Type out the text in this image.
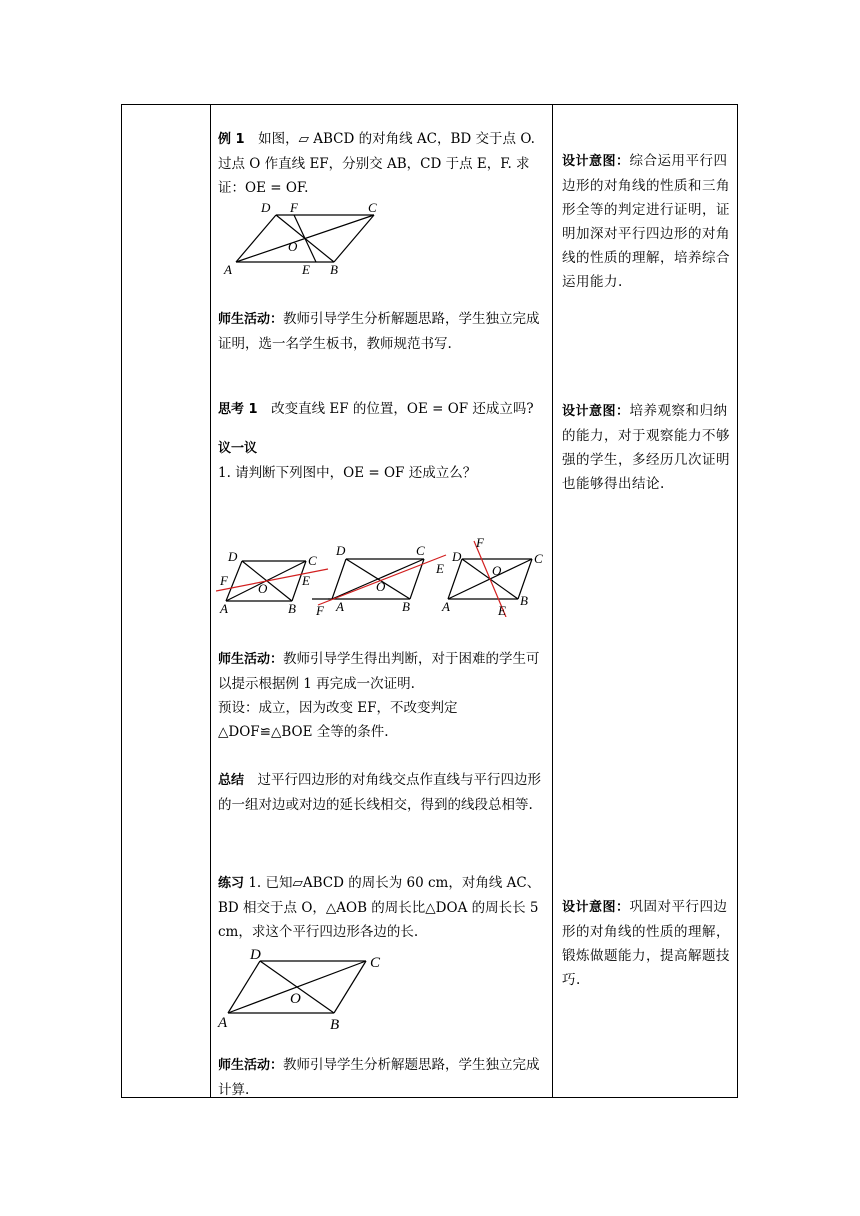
例 1　 如图，▱ ABCD 的对角线 AC，BD 交于点 O. 过点 O 作直线 EF，分别交 AB，CD 于点 E，F. 求证：OE = OF.

D F	C
O
A	E B

师生活动：教师引导学生分析解题思路，学生独立完成证明，选一名学生板书，教师规范书写.

思考 1　 改变直线 EF 的位置，OE = OF 还成立吗?

议一议

1. 请判断下列图中，OE = OF 还成立么？

D	C
F
O
E
A	B
D	C
E
O
F A	B
F
D	C
O
A	B
E

师生活动：教师引导学生得出判断，对于困难的学生可以提示根据例 1 再完成一次证明.

预设：成立，因为改变 EF，不改变判定△DOF≌△BOE 全等的条件.

总结　 过平行四边形的对角线交点作直线与平行四边形的一组对边或对边的延长线相交，得到的线段总相等.

练习 1. 已知▱ABCD 的周长为 60 cm，对角线 AC、BD 相交于点 O，△AOB 的周长比△DOA 的周长长 5 cm，求这个平行四边形各边的长.

D	C
O
A	B

师生活动：教师引导学生分析解题思路，学生独立完成计算.

设计意图：综合运用平行四边形的对角线的性质和三角形全等的判定进行证明，证明加深对平行四边形的对角线的性质的理解，培养综合运用能力.

设计意图：培养观察和归纳的能力，对于观察能力不够强的学生，多经历几次证明也能够得出结论.

设计意图：巩固对平行四边形的对角线的性质的理解，锻炼做题能力，提高解题技巧.
